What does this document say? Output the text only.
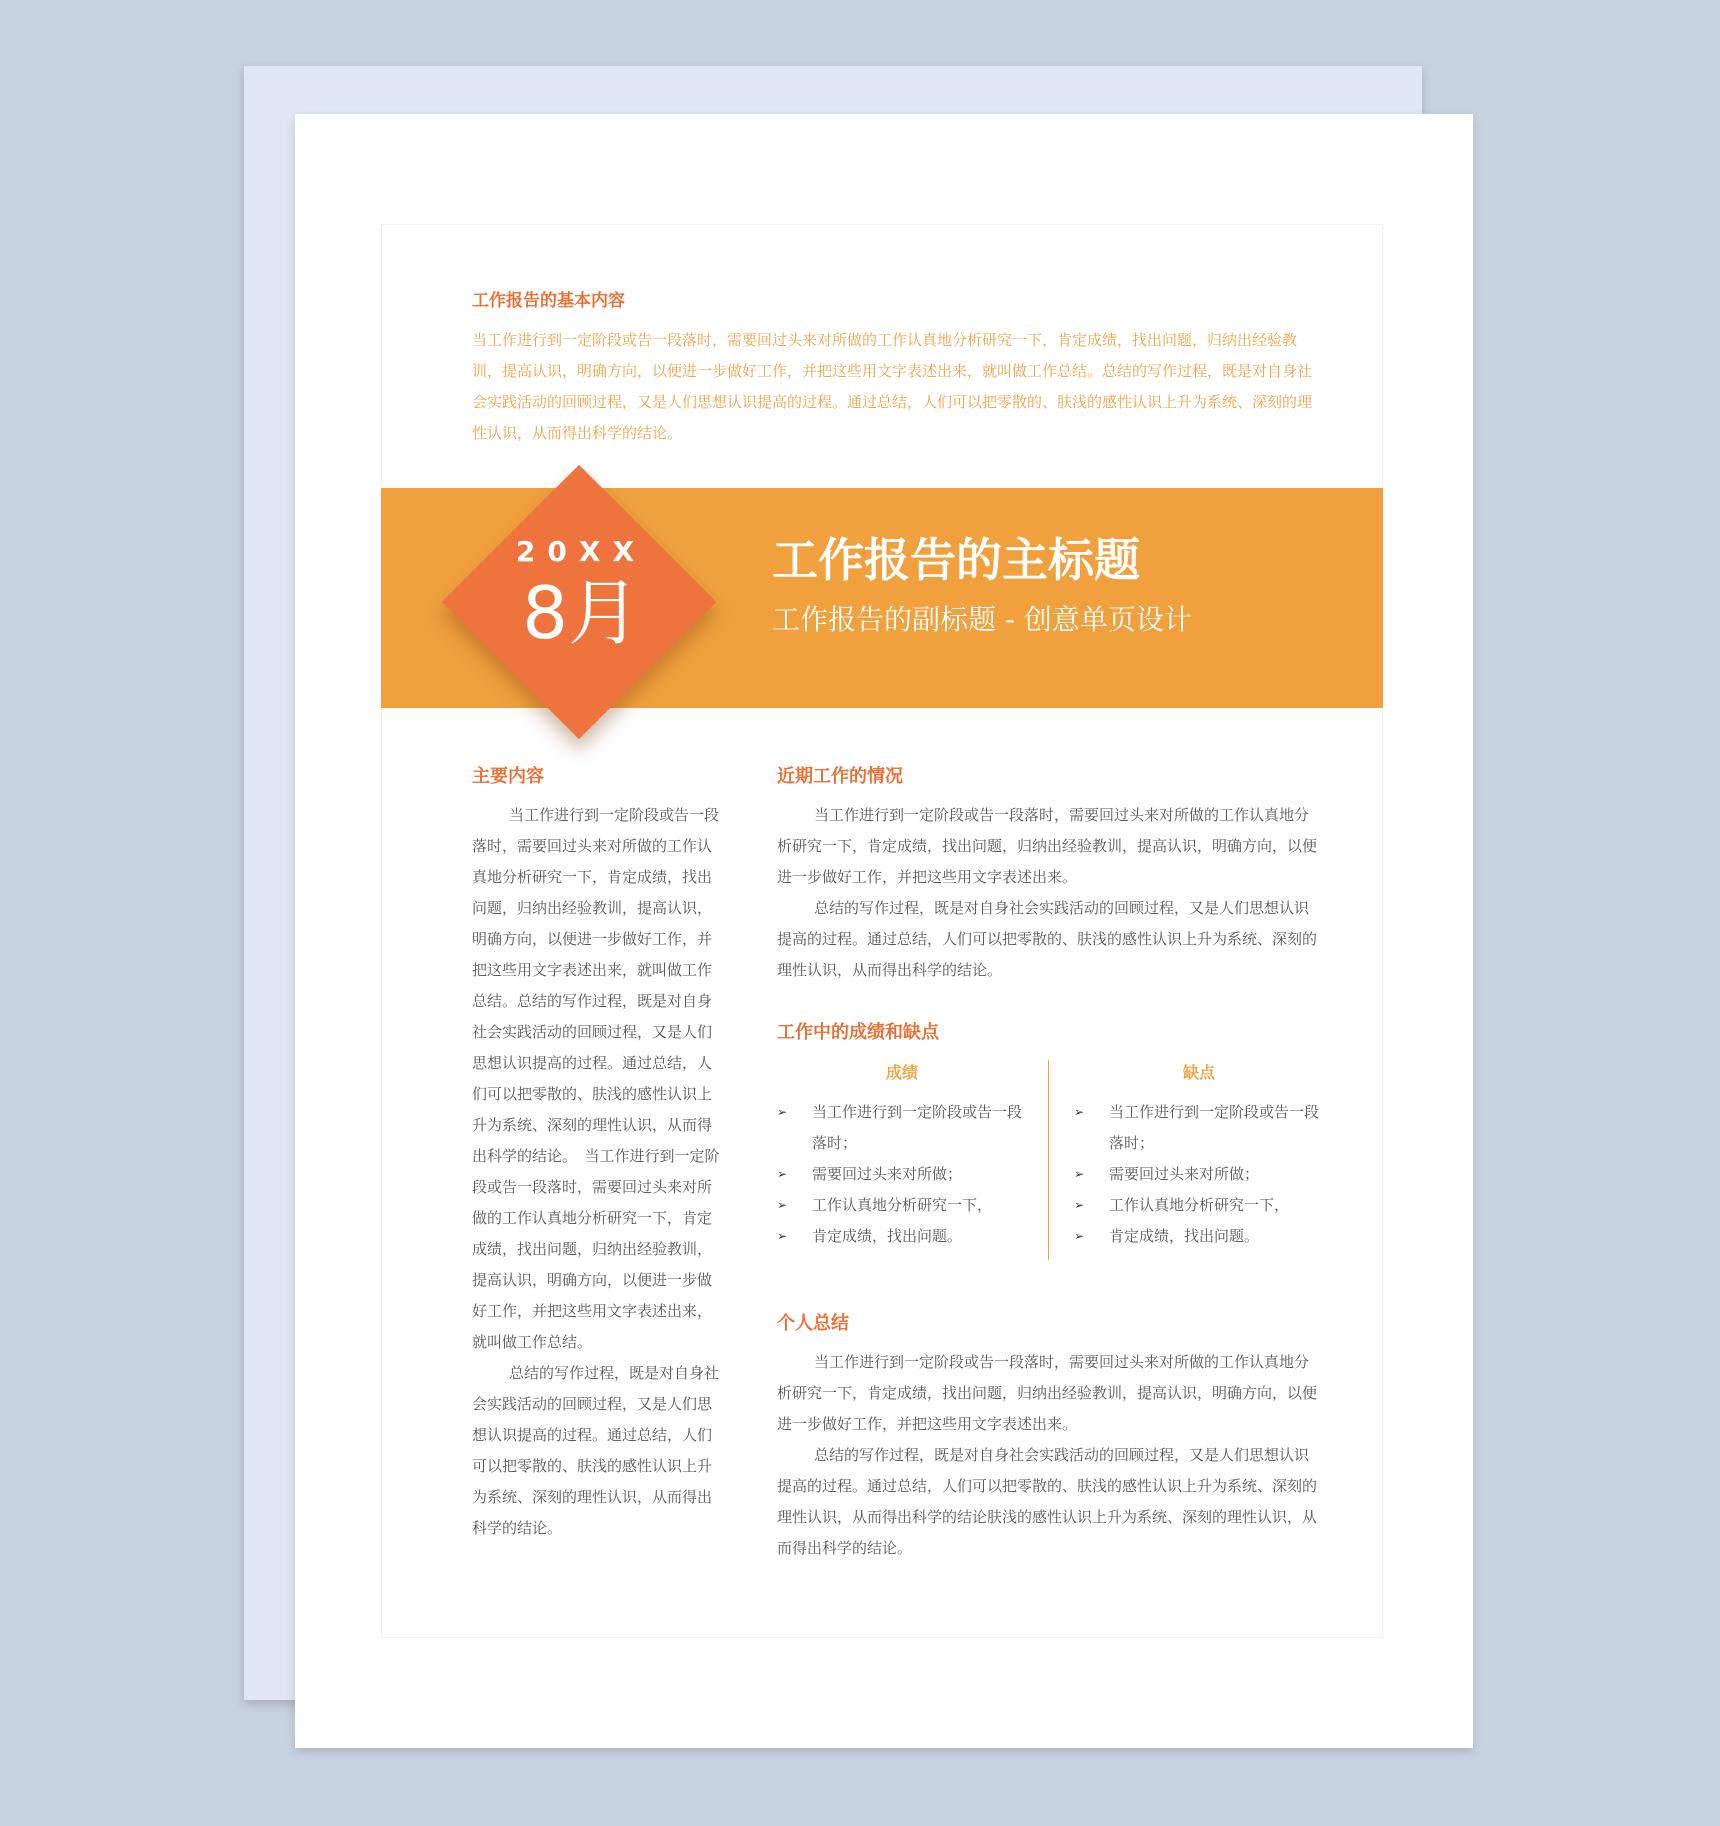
工作报告的基本内容

当工作进行到一定阶段或告一段落时，需要回过头来对所做的工作认真地分析研究一下，肯定成绩，找出问题，归纳出经验教训，提高认识，明确方向，以便进一步做好工作，并把这些用文字表述出来，就叫做工作总结。总结的写作过程，既是对自身社会实践活动的回顾过程，又是人们思想认识提高的过程。通过总结，人们可以把零散的、肤浅的感性认识上升为系统、深刻的理性认识，从而得出科学的结论。

工作报告的主标题
工作报告的副标题 - 创意单页设计
20XX
8月

主要内容

当工作进行到一定阶段或告一段落时，需要回过头来对所做的工作认真地分析研究一下，肯定成绩，找出问题，归纳出经验教训，提高认识，明确方向，以便进一步做好工作，并把这些用文字表述出来，就叫做工作总结。总结的写作过程，既是对自身社会实践活动的回顾过程，又是人们思想认识提高的过程。通过总结，人们可以把零散的、肤浅的感性认识上升为系统、深刻的理性认识，从而得出科学的结论。　当工作进行到一定阶段或告一段落时，需要回过头来对所做的工作认真地分析研究一下，肯定成绩，找出问题，归纳出经验教训，提高认识，明确方向，以便进一步做好工作，并把这些用文字表述出来，就叫做工作总结。

总结的写作过程，既是对自身社会实践活动的回顾过程，又是人们思想认识提高的过程。通过总结，人们可以把零散的、肤浅的感性认识上升为系统、深刻的理性认识，从而得出科学的结论。

近期工作的情况

当工作进行到一定阶段或告一段落时，需要回过头来对所做的工作认真地分析研究一下，肯定成绩，找出问题，归纳出经验教训，提高认识，明确方向，以便进一步做好工作，并把这些用文字表述出来。

总结的写作过程，既是对自身社会实践活动的回顾过程，又是人们思想认识提高的过程。通过总结，人们可以把零散的、肤浅的感性认识上升为系统、深刻的理性认识，从而得出科学的结论。

工作中的成绩和缺点

成绩

➢ 当工作进行到一定阶段或告一段落时；
➢ 需要回过头来对所做；
➢ 工作认真地分析研究一下，
➢ 肯定成绩，找出问题。

缺点

➢ 当工作进行到一定阶段或告一段落时；
➢ 需要回过头来对所做；
➢ 工作认真地分析研究一下，
➢ 肯定成绩，找出问题。

个人总结

当工作进行到一定阶段或告一段落时，需要回过头来对所做的工作认真地分析研究一下，肯定成绩，找出问题，归纳出经验教训，提高认识，明确方向，以便进一步做好工作，并把这些用文字表述出来。

总结的写作过程，既是对自身社会实践活动的回顾过程，又是人们思想认识提高的过程。通过总结，人们可以把零散的、肤浅的感性认识上升为系统、深刻的理性认识，从而得出科学的结论肤浅的感性认识上升为系统、深刻的理性认识，从而得出科学的结论。
